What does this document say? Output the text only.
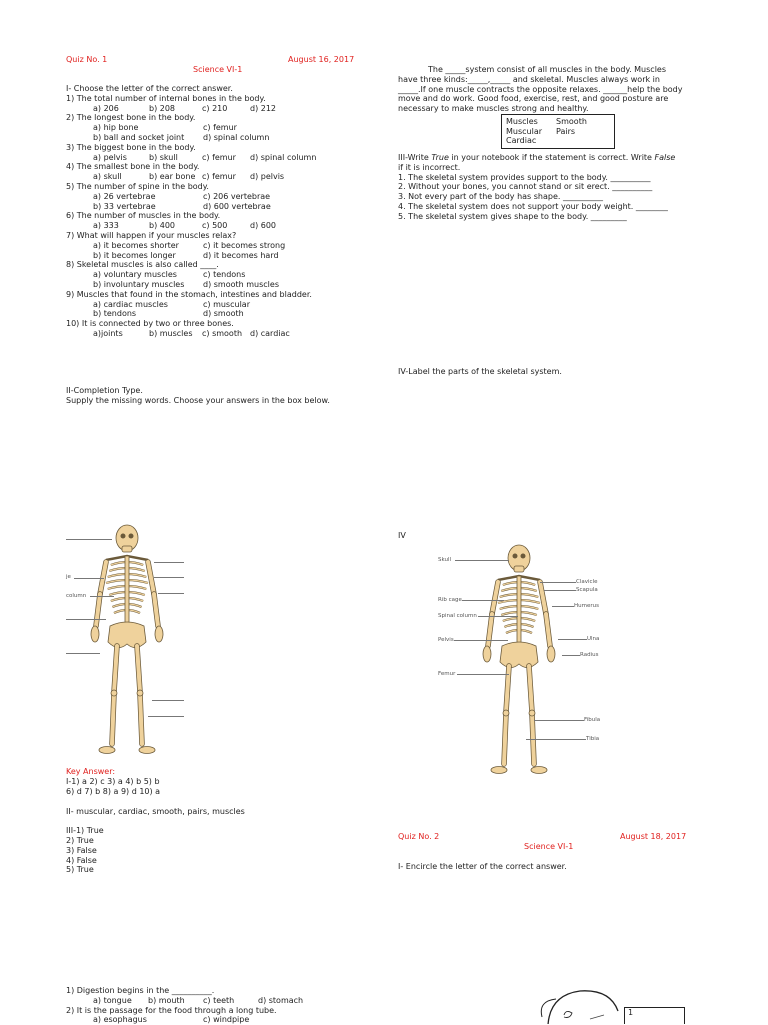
Quiz No. 1	August 16, 2017
Science VI-1
I- Choose the letter of the correct answer.
1) The total number of internal bones in the body.
a) 206	b) 208	c) 210	d) 212
2) The longest bone in the body.
a) hip bone	c) femur
b) ball and socket joint d) spinal column
3) The biggest bone in the body.
a) pelvis	b) skull	c) femur d) spinal column
4) The smallest bone in the body.
a) skull	b) ear bone c) femur d) pelvis
5) The number of spine in the body.
a) 26 vertebrae	c) 206 vertebrae
b) 33 vertebrae	d) 600 vertebrae
6) The number of muscles in the body.
a) 333	b) 400	c) 500	d) 600
7) What will happen if your muscles relax?
a) it becomes shorter	c) it becomes strong
b) it becomes longer	d) it becomes hard
8) Skeletal muscles is also called ____.
a) voluntary muscles	c) tendons
b) involuntary muscles d) smooth muscles
9) Muscles that found in the stomach, intestines and bladder.
a) cardiac muscles	c) muscular
b) tendons	d) smooth
10) It is connected by two or three bones.
a)joints	b) muscles c) smooth d) cardiac
II-Completion Type.
Supply the missing words. Choose your answers in the box below.
je
column
Key Answer:
I-1) a 2) c 3) a 4) b 5) b
6) d 7) b 8) a 9) d 10) a
II- muscular, cardiac, smooth, pairs, muscles
III-1) True
2) True
3) False
4) False
5) True
1) Digestion begins in the __________.
a) tongue b) mouth c) teeth	d) stomach
2) It is the passage for the food through a long tube.
a) esophagus	c) windpipe
The _____system consist of all muscles in the body. Muscles
have three kinds:_____,_____ and skeletal. Muscles always work in
_____.If one muscle contracts the opposite relaxes. ______help the body
move and do work. Good food, exercise, rest, and good posture are
necessary to make muscles strong and healthy.
Muscles	Smooth
Muscular	Pairs
Cardiac	
III-Write True in your notebook if the statement is correct. Write False
if it is incorrect.
1. The skeletal system provides support to the body. __________
2. Without your bones, you cannot stand or sit erect. __________
3. Not every part of the body has shape. __________
4. The skeletal system does not support your body weight. ________
5. The skeletal system gives shape to the body. _________
IV-Label the parts of the skeletal system.
IV
Skull
Clavicle
Scapula
Rib cage
Humerus
Spinal column
Pelvis	Ulna
Radius
Femur
Fibula
Tibia
Quiz No. 2	August 18, 2017
Science VI-1
I- Encircle the letter of the correct answer.
1
